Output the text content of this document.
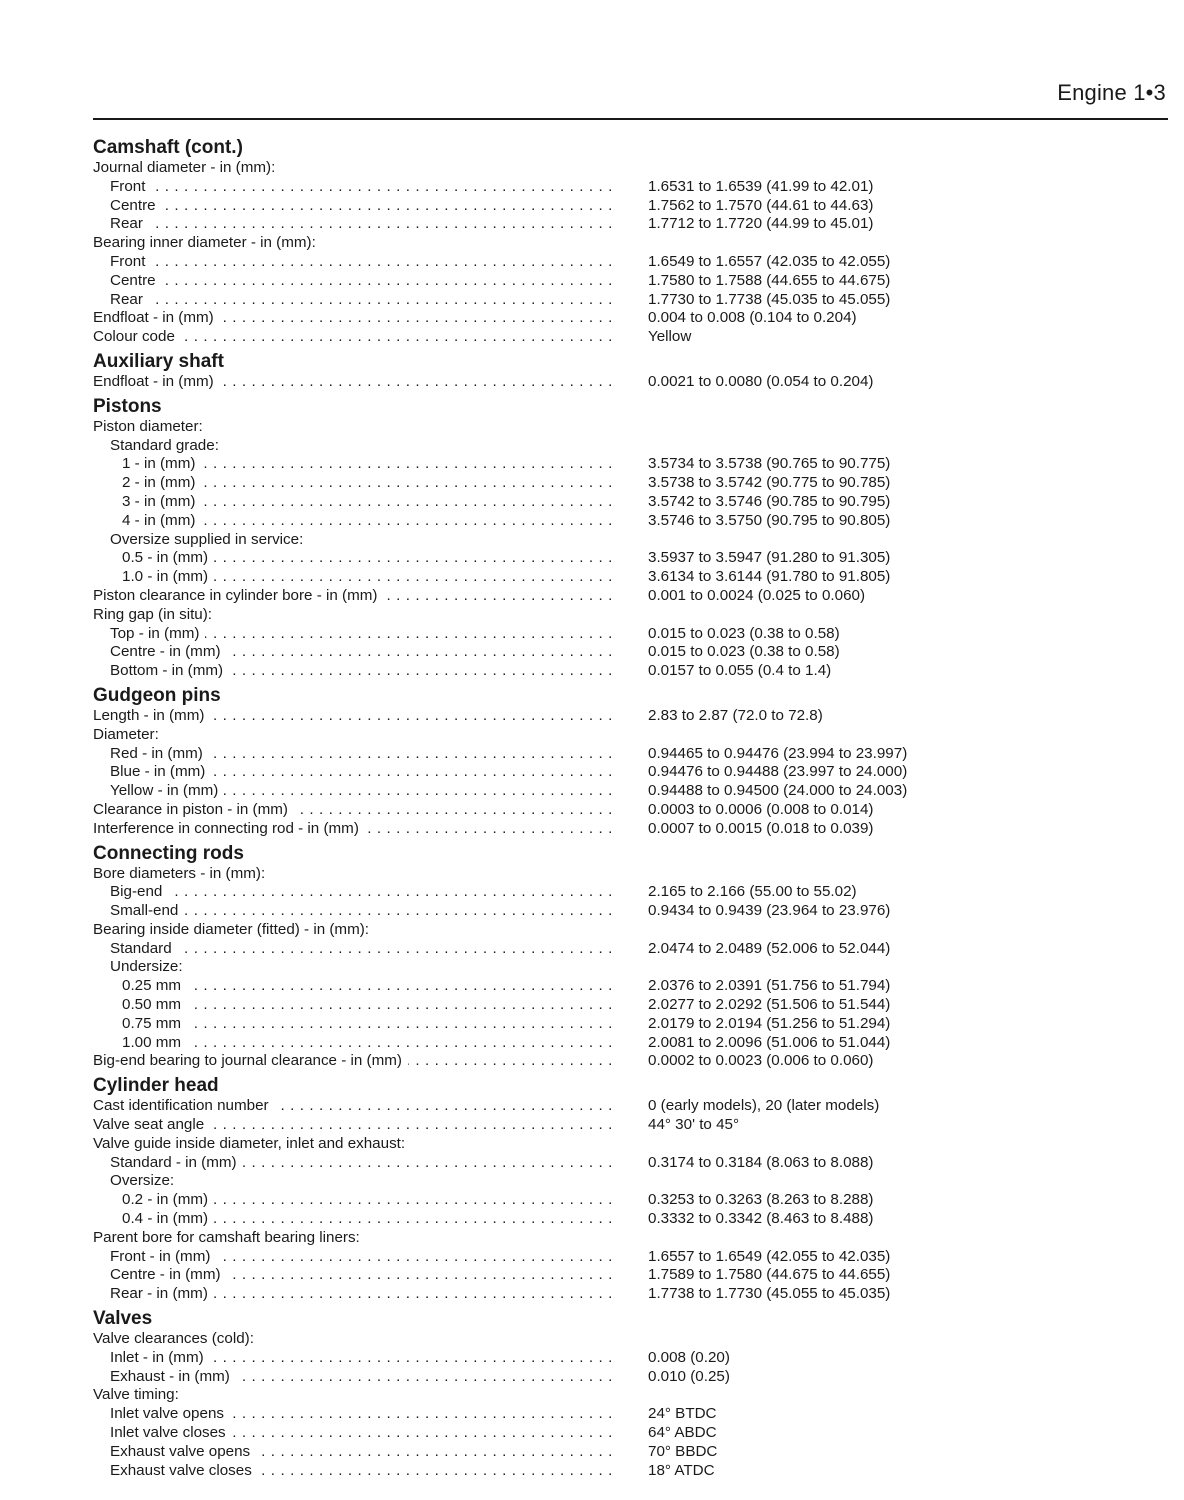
Engine 1•3
Camshaft (cont.)
Journal diameter - in (mm):
Front . . .	1.6531 to 1.6539 (41.99 to 42.01)
Centre . . .	1.7562 to 1.7570 (44.61 to 44.63)
Rear . . .	1.7712 to 1.7720 (44.99 to 45.01)
Bearing inner diameter - in (mm):
Front . . .	1.6549 to 1.6557 (42.035 to 42.055)
Centre . . .	1.7580 to 1.7588 (44.655 to 44.675)
Rear . . .	1.7730 to 1.7738 (45.035 to 45.055)
Endfloat - in (mm) . . .	0.004 to 0.008 (0.104 to 0.204)
Colour code . . .	Yellow
Auxiliary shaft
Endfloat - in (mm) . . .	0.0021 to 0.0080 (0.054 to 0.204)
Pistons
Piston diameter:
Standard grade:
1 - in (mm) . . .	3.5734 to 3.5738 (90.765 to 90.775)
2 - in (mm) . . .	3.5738 to 3.5742 (90.775 to 90.785)
3 - in (mm) . . .	3.5742 to 3.5746 (90.785 to 90.795)
4 - in (mm) . . .	3.5746 to 3.5750 (90.795 to 90.805)
Oversize supplied in service:
0.5 - in (mm) . . .	3.5937 to 3.5947 (91.280 to 91.305)
1.0 - in (mm) . . .	3.6134 to 3.6144 (91.780 to 91.805)
Piston clearance in cylinder bore - in (mm) . . .	0.001 to 0.0024 (0.025 to 0.060)
Ring gap (in situ):
Top - in (mm) . . .	0.015 to 0.023 (0.38 to 0.58)
Centre - in (mm) . . .	0.015 to 0.023 (0.38 to 0.58)
Bottom - in (mm) . . .	0.0157 to 0.055 (0.4 to 1.4)
Gudgeon pins
Length - in (mm) . . .	2.83 to 2.87 (72.0 to 72.8)
Diameter:
Red - in (mm) . . .	0.94465 to 0.94476 (23.994 to 23.997)
Blue - in (mm) . . .	0.94476 to 0.94488 (23.997 to 24.000)
Yellow - in (mm) . . .	0.94488 to 0.94500 (24.000 to 24.003)
Clearance in piston - in (mm) . . .	0.0003 to 0.0006 (0.008 to 0.014)
Interference in connecting rod - in (mm) . . .	0.0007 to 0.0015 (0.018 to 0.039)
Connecting rods
Bore diameters - in (mm):
Big-end . . .	2.165 to 2.166 (55.00 to 55.02)
Small-end . . .	0.9434 to 0.9439 (23.964 to 23.976)
Bearing inside diameter (fitted) - in (mm):
Standard . . .	2.0474 to 2.0489 (52.006 to 52.044)
Undersize:
0.25 mm . . .	2.0376 to 2.0391 (51.756 to 51.794)
0.50 mm . . .	2.0277 to 2.0292 (51.506 to 51.544)
0.75 mm . . .	2.0179 to 2.0194 (51.256 to 51.294)
1.00 mm . . .	2.0081 to 2.0096 (51.006 to 51.044)
Big-end bearing to journal clearance - in (mm) . . .	0.0002 to 0.0023 (0.006 to 0.060)
Cylinder head
Cast identification number . . .	0 (early models), 20 (later models)
Valve seat angle . . .	44° 30' to 45°
Valve guide inside diameter, inlet and exhaust:
Standard - in (mm) . . .	0.3174 to 0.3184 (8.063 to 8.088)
Oversize:
0.2 - in (mm) . . .	0.3253 to 0.3263 (8.263 to 8.288)
0.4 - in (mm) . . .	0.3332 to 0.3342 (8.463 to 8.488)
Parent bore for camshaft bearing liners:
Front - in (mm) . . .	1.6557 to 1.6549 (42.055 to 42.035)
Centre - in (mm) . . .	1.7589 to 1.7580 (44.675 to 44.655)
Rear - in (mm) . . .	1.7738 to 1.7730 (45.055 to 45.035)
Valves
Valve clearances (cold):
Inlet - in (mm) . . .	0.008 (0.20)
Exhaust - in (mm) . . .	0.010 (0.25)
Valve timing:
Inlet valve opens . . .	24° BTDC
Inlet valve closes . . .	64° ABDC
Exhaust valve opens . . .	70° BBDC
Exhaust valve closes . . .	18° ATDC
